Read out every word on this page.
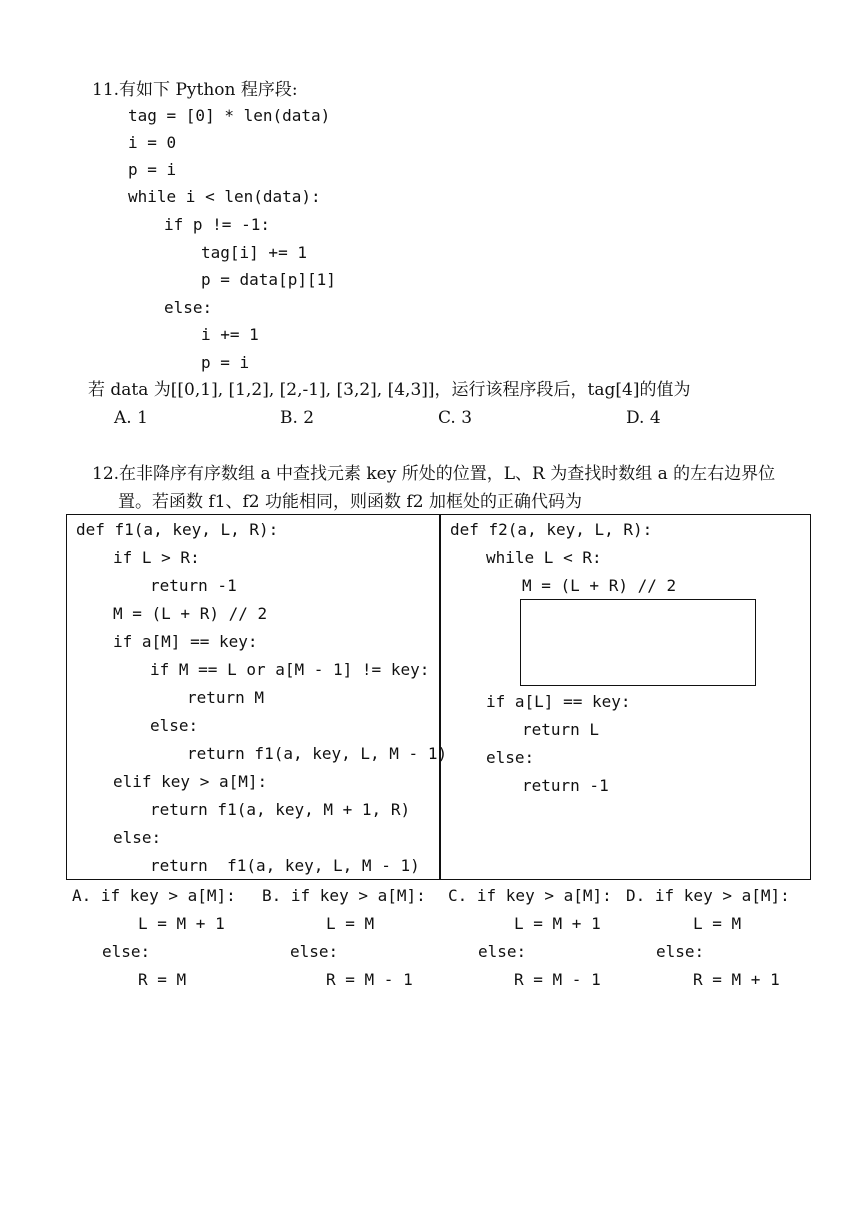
11.有如下 Python 程序段:
tag = [0] * len(data)
i = 0
p = i
while i < len(data):
if p != -1:
tag[i] += 1
p = data[p][1]
else:
i += 1
p = i
若 data 为[[0,1], [1,2], [2,-1], [3,2], [4,3]]，运行该程序段后，tag[4]的值为
A. 1	B. 2	C. 3	D. 4
12.在非降序有序数组 a 中查找元素 key 所处的位置，L、R 为查找时数组 a 的左右边界位
置。若函数 f1、f2 功能相同，则函数 f2 加框处的正确代码为
def f1(a, key, L, R):
if L > R:
return -1
M = (L + R) // 2
if a[M] == key:
if M == L or a[M - 1] != key:
return M
else:
return f1(a, key, L, M - 1)
elif key > a[M]:
return f1(a, key, M + 1, R)
else:
return  f1(a, key, L, M - 1)
def f2(a, key, L, R):
while L < R:
M = (L + R) // 2
if a[L] == key:
return L
else:
return -1
A. if key > a[M]:
L = M + 1
else:
R = M
B. if key > a[M]:
L = M
else:
R = M - 1
C. if key > a[M]:
L = M + 1
else:
R = M - 1
D. if key > a[M]:
L = M
else:
R = M + 1
